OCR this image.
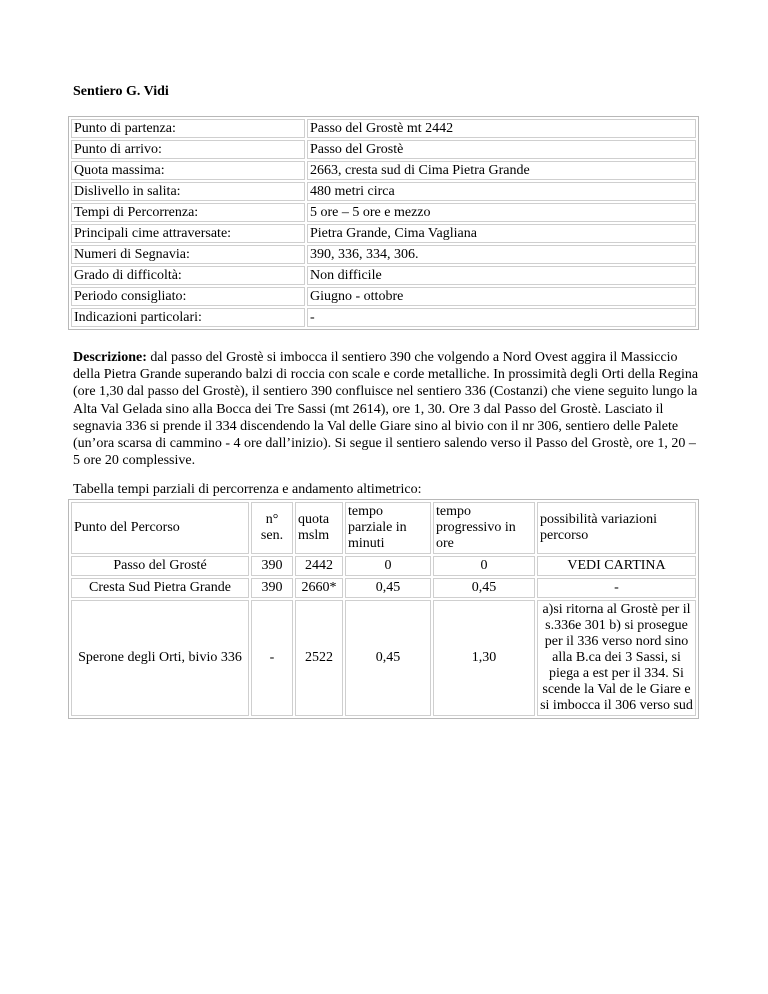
Sentiero G. Vidi
Punto di partenza:	Passo del Grostè mt 2442
Punto di arrivo:	Passo del Grostè
Quota massima:	2663, cresta sud di Cima Pietra Grande
Dislivello in salita:	480 metri circa
Tempi di Percorrenza:	5 ore – 5 ore e mezzo
Principali cime attraversate:	Pietra Grande, Cima Vagliana
Numeri di Segnavia:	390, 336, 334, 306.
Grado di difficoltà:	Non difficile
Periodo consigliato:	Giugno - ottobre
Indicazioni particolari:	-
Descrizione: dal passo del Grostè si imbocca il sentiero 390 che volgendo a Nord Ovest aggira il Massiccio della Pietra Grande superando balzi di roccia con scale e corde metalliche. In prossimità degli Orti della Regina (ore 1,30 dal passo del Grostè), il sentiero 390 confluisce nel sentiero 336 (Costanzi) che viene seguito lungo la Alta Val Gelada sino alla Bocca dei Tre Sassi (mt 2614), ore 1, 30. Ore 3 dal Passo del Grostè. Lasciato il segnavia 336 si prende il 334 discendendo la Val delle Giare sino al bivio con il nr 306, sentiero delle Palete (un’ora scarsa di cammino - 4 ore dall’inizio). Si segue il sentiero salendo verso il Passo del Grostè, ore 1, 20 – 5 ore 20 complessive.
Tabella tempi parziali di percorrenza e andamento altimetrico:
Punto del Percorso	n° sen.	quota mslm	tempo parziale in minuti	tempo progressivo in ore	possibilità variazioni percorso
Passo del Grosté	390	2442	0	0	VEDI CARTINA
Cresta Sud Pietra Grande	390	2660*	0,45	0,45	-
Sperone degli Orti, bivio 336	-	2522	0,45	1,30	a)si ritorna al Grostè per il s.336e 301 b) si prosegue per il 336 verso nord sino alla B.ca dei 3 Sassi, si piega a est per il 334. Si scende la Val de le Giare e si imbocca il 306 verso sud
